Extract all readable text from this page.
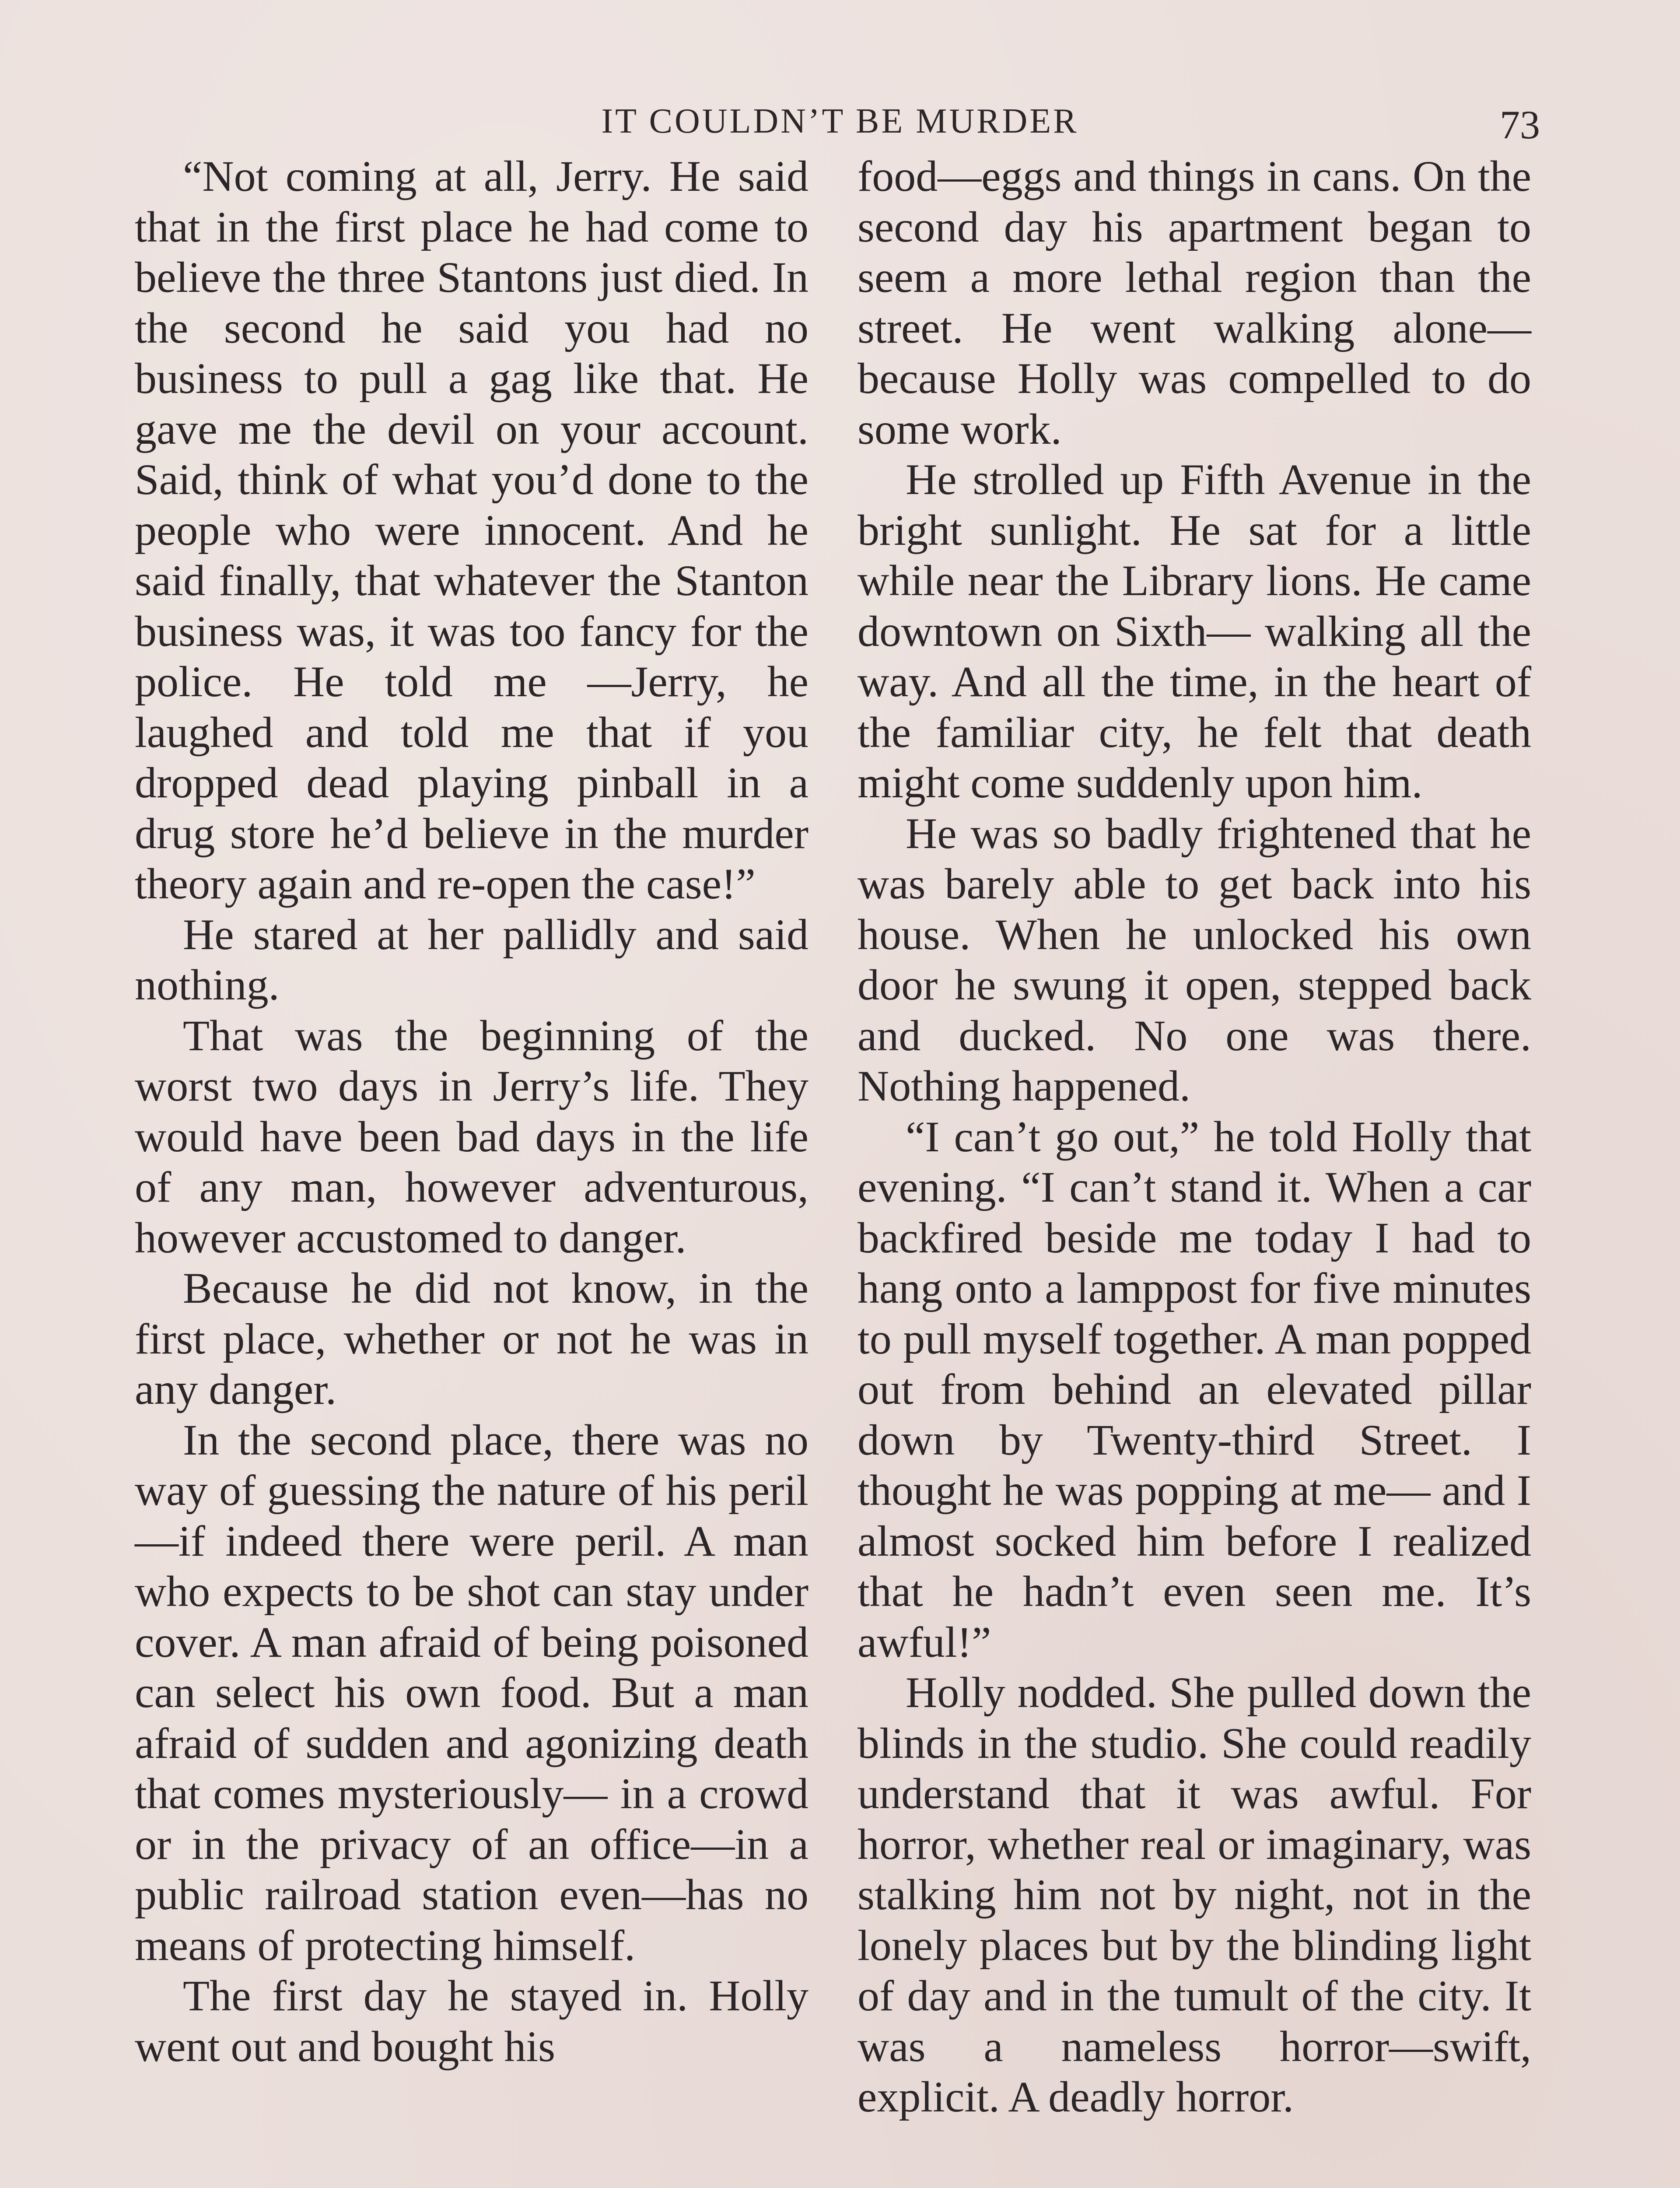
IT COULDN’T BE MURDER	73

“Not coming at all, Jerry. He said that in the first place he had come to believe the three Stantons just died. In the second he said you had no business to pull a gag like that. He gave me the devil on your account. Said, think of what you’d done to the people who were innocent. And he said finally, that whatever the Stanton business was, it was too fancy for the police. He told me —Jerry, he laughed and told me that if you dropped dead playing pinball in a drug store he’d believe in the murder theory again and re-open the case!”

He stared at her pallidly and said nothing.

That was the beginning of the worst two days in Jerry’s life. They would have been bad days in the life of any man, however adventurous, however accustomed to danger.

Because he did not know, in the first place, whether or not he was in any danger.

In the second place, there was no way of guessing the nature of his peril—if indeed there were peril. A man who expects to be shot can stay under cover. A man afraid of being poisoned can select his own food. But a man afraid of sudden and agonizing death that comes mysteriously— in a crowd or in the privacy of an office—in a public railroad station even—has no means of protecting himself.

The first day he stayed in. Holly went out and bought his

food—eggs and things in cans. On the second day his apartment began to seem a more lethal region than the street. He went walking alone—because Holly was compelled to do some work.

He strolled up Fifth Avenue in the bright sunlight. He sat for a little while near the Library lions. He came downtown on Sixth— walking all the way. And all the time, in the heart of the familiar city, he felt that death might come suddenly upon him.

He was so badly frightened that he was barely able to get back into his house. When he unlocked his own door he swung it open, stepped back and ducked. No one was there. Nothing happened.

“I can’t go out,” he told Holly that evening. “I can’t stand it. When a car backfired beside me today I had to hang onto a lamppost for five minutes to pull myself together. A man popped out from behind an elevated pillar down by Twenty-third Street. I thought he was popping at me— and I almost socked him before I realized that he hadn’t even seen me. It’s awful!”

Holly nodded. She pulled down the blinds in the studio. She could readily understand that it was awful. For horror, whether real or imaginary, was stalking him not by night, not in the lonely places but by the blinding light of day and in the tumult of the city. It was a nameless horror—swift, explicit. A deadly horror.
